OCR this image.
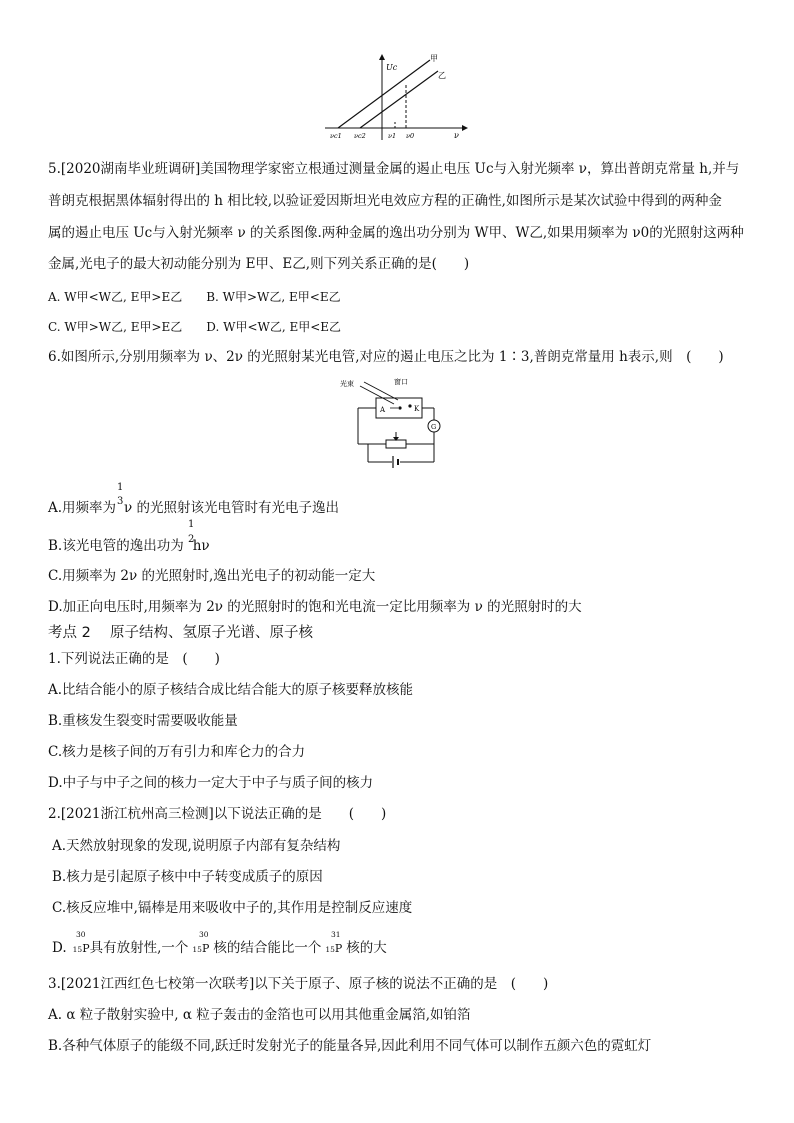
Uc
甲
乙
ν
νc1 νc2	ν1 ν0
5.[2020湖南毕业班调研]美国物理学家密立根通过测量金属的遏止电压 Uc与入射光频率 ν，算出普朗克常量 h,并与
普朗克根据黑体辐射得出的 h 相比较,以验证爱因斯坦光电效应方程的正确性,如图所示是某次试验中得到的两种金
属的遏止电压 Uc与入射光频率 ν 的关系图像.两种金属的逸出功分别为 W甲、W乙,如果用频率为 ν0的光照射这两种
金属,光电子的最大初动能分别为 E甲、E乙,则下列关系正确的是(　　)
A. W甲<W乙, E甲>E乙　　B. W甲>W乙, E甲<E乙
C. W甲>W乙, E甲>E乙　　D. W甲<W乙, E甲<E乙
6.如图所示,分别用频率为 ν、2ν 的光照射某光电管,对应的遏止电压之比为 1∶3,普朗克常量用 h表示,则　(　　)
光束	窗口
A	K
G
1
3
A.用频率为 ν 的光照射该光电管时有光电子逸出
1
2
B.该光电管的逸出功为 hν
C.用频率为 2ν 的光照射时,逸出光电子的初动能一定大
D.加正向电压时,用频率为 2ν 的光照射时的饱和光电流一定比用频率为 ν 的光照射时的大
考点 2　 原子结构、氢原子光谱、原子核
1.下列说法正确的是　(　　)
A.比结合能小的原子核结合成比结合能大的原子核要释放核能
B.重核发生裂变时需要吸收能量
C.核力是核子间的万有引力和库仑力的合力
D.中子与中子之间的核力一定大于中子与质子间的核力
2.[2021浙江杭州高三检测]以下说法正确的是　　(　　)
A.天然放射现象的发现,说明原子内部有复杂结构
B.核力是引起原子核中中子转变成质子的原因
C.核反应堆中,镉棒是用来吸收中子的,其作用是控制反应速度
30	30	31
D. 15P具有放射性,一个 15P 核的结合能比一个 15P 核的大
3.[2021江西红色七校第一次联考]以下关于原子、原子核的说法不正确的是　(　　)
A. α 粒子散射实验中, α 粒子轰击的金箔也可以用其他重金属箔,如铂箔
B.各种气体原子的能级不同,跃迁时发射光子的能量各异,因此利用不同气体可以制作五颜六色的霓虹灯
